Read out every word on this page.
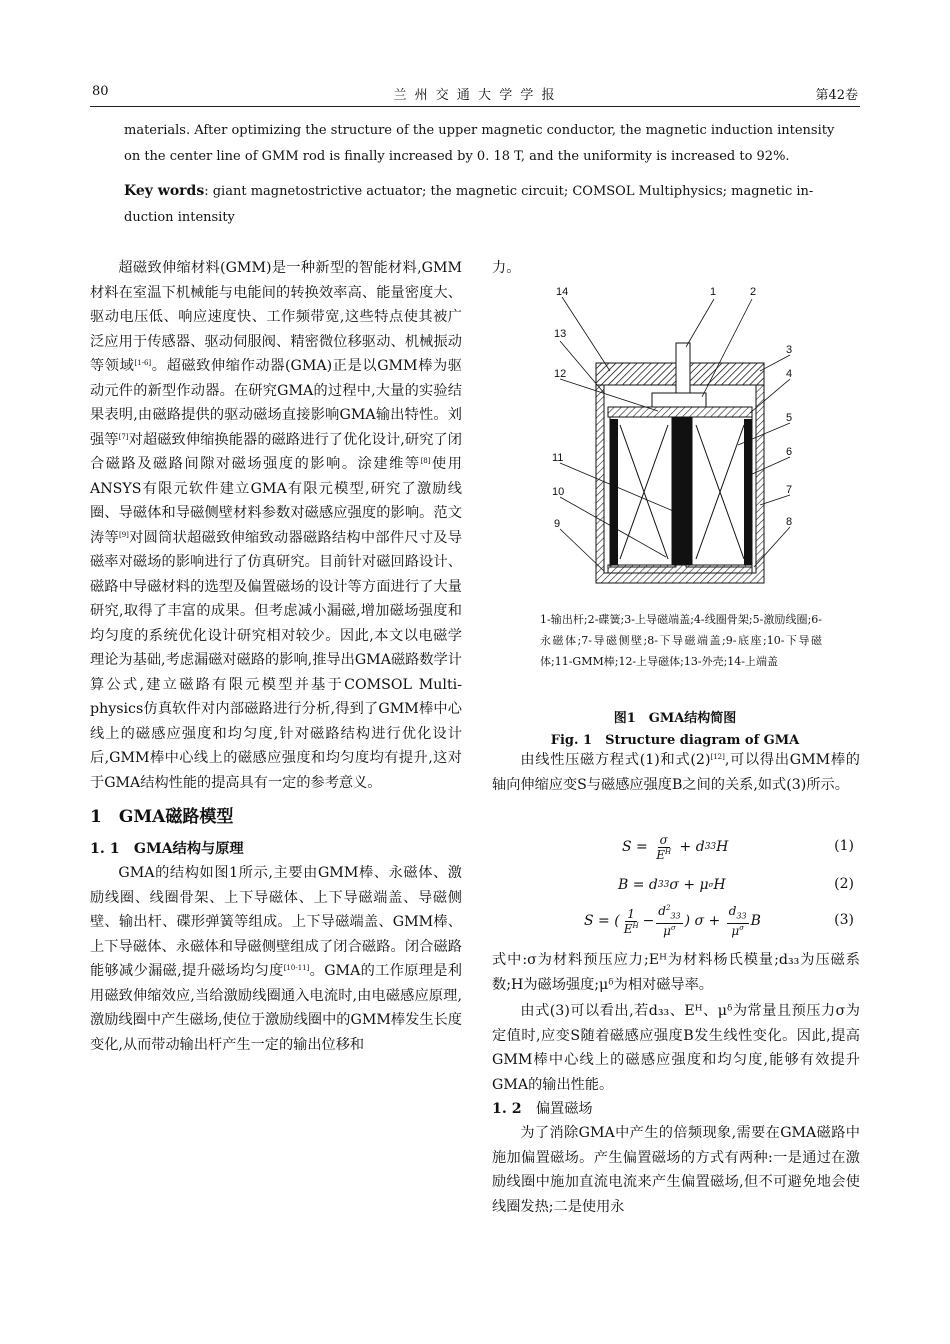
80	兰 州 交 通 大 学 学 报	第42卷

materials. After optimizing the structure of the upper magnetic conductor, the magnetic induction intensity

on the center line of GMM rod is finally increased by 0. 18 T, and the uniformity is increased to 92%.

Key words: giant magnetostrictive actuator; the magnetic circuit; COMSOL Multiphysics; magnetic in-

duction intensity

超磁致伸缩材料(GMM)是一种新型的智能材料,GMM材料在室温下机械能与电能间的转换效率高、能量密度大、驱动电压低、响应速度快、工作频带宽,这些特点使其被广泛应用于传感器、驱动伺服阀、精密微位移驱动、机械振动等领域[1-6]。超磁致伸缩作动器(GMA)正是以GMM棒为驱动元件的新型作动器。在研究GMA的过程中,大量的实验结果表明,由磁路提供的驱动磁场直接影响GMA输出特性。刘强等[7]对超磁致伸缩换能器的磁路进行了优化设计,研究了闭合磁路及磁路间隙对磁场强度的影响。涂建维等[8]使用ANSYS有限元软件建立GMA有限元模型,研究了激励线圈、导磁体和导磁侧壁材料参数对磁感应强度的影响。范文涛等[9]对圆筒状超磁致伸缩致动器磁路结构中部件尺寸及导磁率对磁场的影响进行了仿真研究。目前针对磁回路设计、磁路中导磁材料的选型及偏置磁场的设计等方面进行了大量研究,取得了丰富的成果。但考虑减小漏磁,增加磁场强度和均匀度的系统优化设计研究相对较少。因此,本文以电磁学理论为基础,考虑漏磁对磁路的影响,推导出GMA磁路数学计算公式,建立磁路有限元模型并基于COMSOL Multi-physics仿真软件对内部磁路进行分析,得到了GMM棒中心线上的磁感应强度和均匀度,针对磁路结构进行优化设计后,GMM棒中心线上的磁感应强度和均匀度均有提升,这对于GMA结构性能的提高具有一定的参考意义。

1　GMA磁路模型
1. 1　 GMA结构与原理

GMA的结构如图1所示,主要由GMM棒、永磁体、激励线圈、线圈骨架、上下导磁体、上下导磁端盖、导磁侧壁、输出杆、碟形弹簧等组成。上下导磁端盖、GMM棒、上下导磁体、永磁体和导磁侧壁组成了闭合磁路。闭合磁路能够减少漏磁,提升磁场均匀度[10-11]。GMA的工作原理是利用磁致伸缩效应,当给激励线圈通入电流时,由电磁感应原理,激励线圈中产生磁场,使位于激励线圈中的GMM棒发生长度变化,从而带动输出杆产生一定的输出位移和

力。

14	1	2
13
3
12	4
5
11	6
10	7
9	8
1-输出杆;2-碟簧;3-上导磁端盖;4-线圈骨架;5-激励线圈;6-永磁体;7-导磁侧壁;8-下导磁端盖;9-底座;10-下导磁体;11-GMM棒;12-上导磁体;13-外壳;14-上端盖
图1　GMA结构简图
Fig. 1　Structure diagram of GMA

由线性压磁方程式(1)和式(2)[12],可以得出GMM棒的轴向伸缩应变S与磁感应强度B之间的关系,如式(3)所示。

$S = \frac{\sigma}{E^H} + d$ 33 H	(1)
B = d 33 σ + μ σ H	(2)
S = ( $\frac{1}{E^H} - \frac{d^2_{33}}{\mu^\sigma}$ ) $\sigma + \frac{d_{33}}{\mu^\sigma}$ B	(3)

式中:σ为材料预压应力;Eᴴ为材料杨氏模量;d₃₃为压磁系数;H为磁场强度;μᵟ为相对磁导率。

由式(3)可以看出,若d₃₃、Eᴴ、μᵟ为常量且预压力σ为定值时,应变S随着磁感应强度B发生线性变化。因此,提高GMM棒中心线上的磁感应强度和均匀度,能够有效提升GMA的输出性能。

1. 2　 偏置磁场

为了消除GMA中产生的倍频现象,需要在GMA磁路中施加偏置磁场。产生偏置磁场的方式有两种:一是通过在激励线圈中施加直流电流来产生偏置磁场,但不可避免地会使线圈发热;二是使用永
